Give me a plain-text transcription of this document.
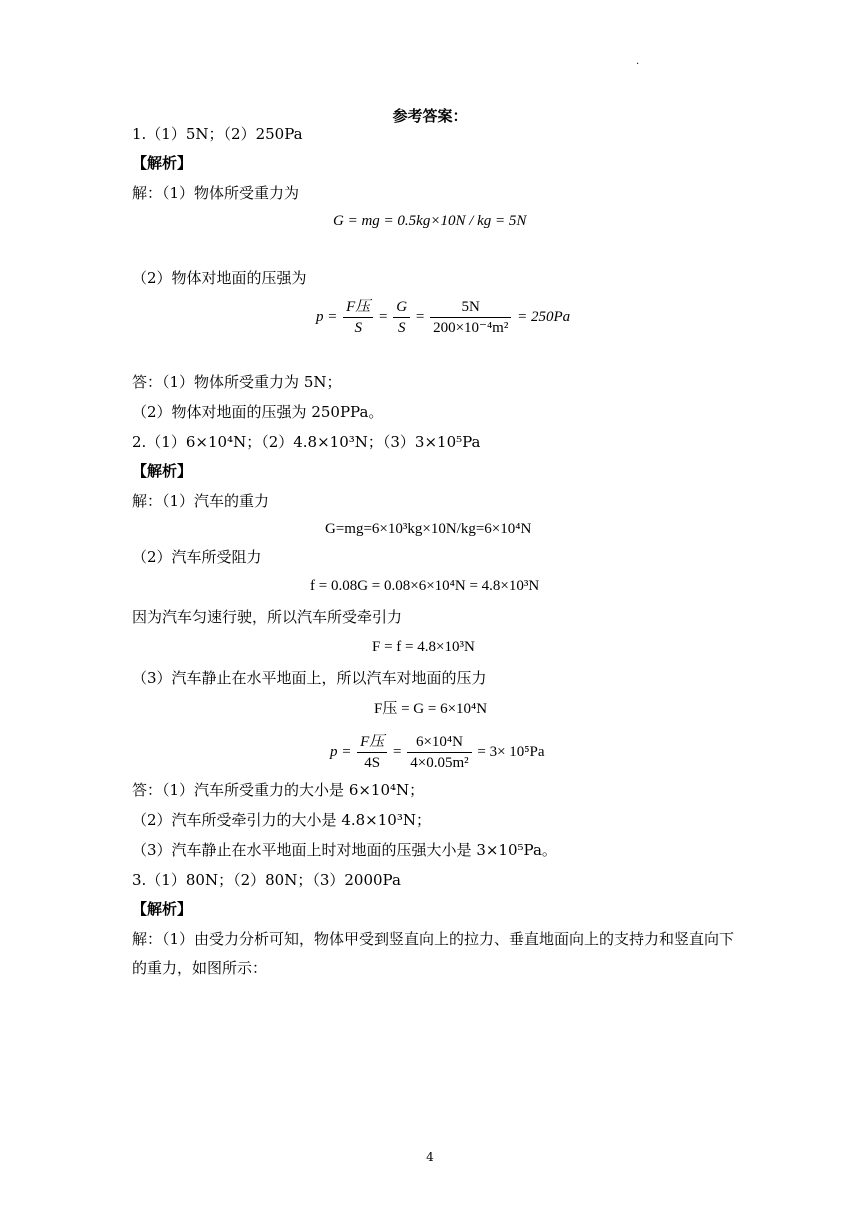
.
参考答案：
1.（1）5N；（2）250Pa
【解析】
解：（1）物体所受重力为
G = mg = 0.5kg×10N / kg = 5N
（2）物体对地面的压强为
$p = \frac{\text{F压}}{S} = \frac{G}{S} = \frac{5N}{\text{200×10⁻⁴m²}} = 250Pa$
答：（1）物体所受重力为 5N；
（2）物体对地面的压强为 250PPa。
2.（1）6×10⁴N；（2）4.8×10³N；（3）3×10⁵Pa
【解析】
解：（1）汽车的重力
G=mg=6×10³kg×10N/kg=6×10⁴N
（2）汽车所受阻力
f = 0.08G = 0.08×6×10⁴N = 4.8×10³N
因为汽车匀速行驶，所以汽车所受牵引力
F = f = 4.8×10³N
（3）汽车静止在水平地面上，所以汽车对地面的压力
F压 = G = 6×10⁴N
$p = \frac{\text{F压}}{4S} = \frac{\text{6×10⁴N}}{\text{4×0.05m²}} = 3\times 10^5Pa$
答：（1）汽车所受重力的大小是 6×10⁴N；
（2）汽车所受牵引力的大小是 4.8×10³N；
（3）汽车静止在水平地面上时对地面的压强大小是 3×10⁵Pa。
3.（1）80N；（2）80N；（3）2000Pa
【解析】
解：（1）由受力分析可知，物体甲受到竖直向上的拉力、垂直地面向上的支持力和竖直向下
的重力，如图所示：
4
